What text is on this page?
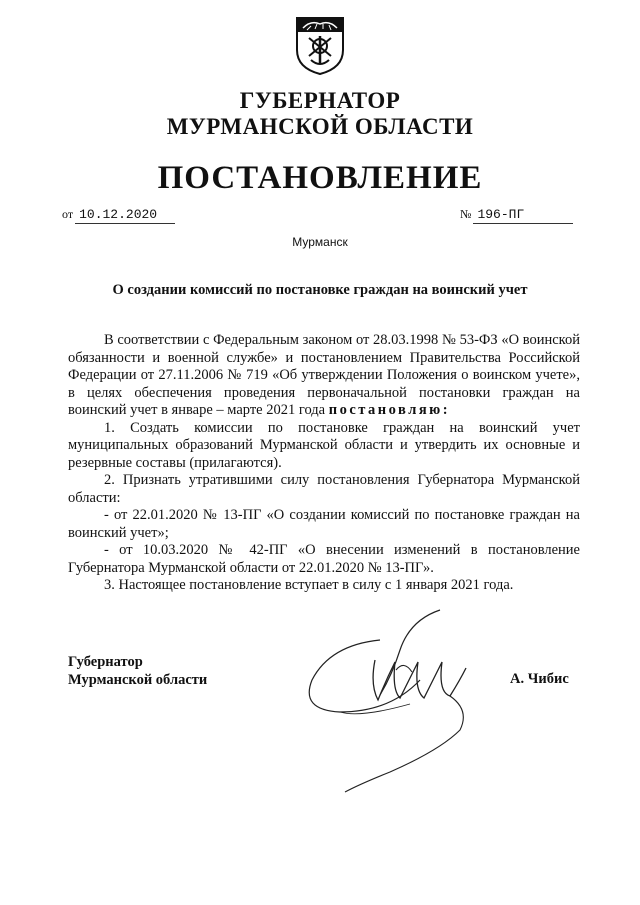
ГУБЕРНАТОР
МУРМАНСКОЙ ОБЛАСТИ
ПОСТАНОВЛЕНИЕ
от 10.12.2020	№ 196-ПГ
Мурманск
О создании комиссий по постановке граждан на воинский учет

В соответствии с Федеральным законом от 28.03.1998 № 53-ФЗ «О воинской обязанности и военной службе» и постановлением Правительства Российской Федерации от 27.11.2006 № 719 «Об утверждении Положения о воинском учете», в целях обеспечения проведения первоначальной постановки граждан на воинский учет в январе – марте 2021 года постановляю:

1. Создать комиссии по постановке граждан на воинский учет муниципальных образований Мурманской области и утвердить их основные и резервные составы (прилагаются).

2. Признать утратившими силу постановления Губернатора Мурманской области:

- от 22.01.2020 № 13-ПГ «О создании комиссий по постановке граждан на воинский учет»;

- от 10.03.2020 № 42-ПГ «О внесении изменений в постановление Губернатора Мурманской области от 22.01.2020 № 13-ПГ».

3. Настоящее постановление вступает в силу с 1 января 2021 года.

Губернатор
Мурманской области	А. Чибис
